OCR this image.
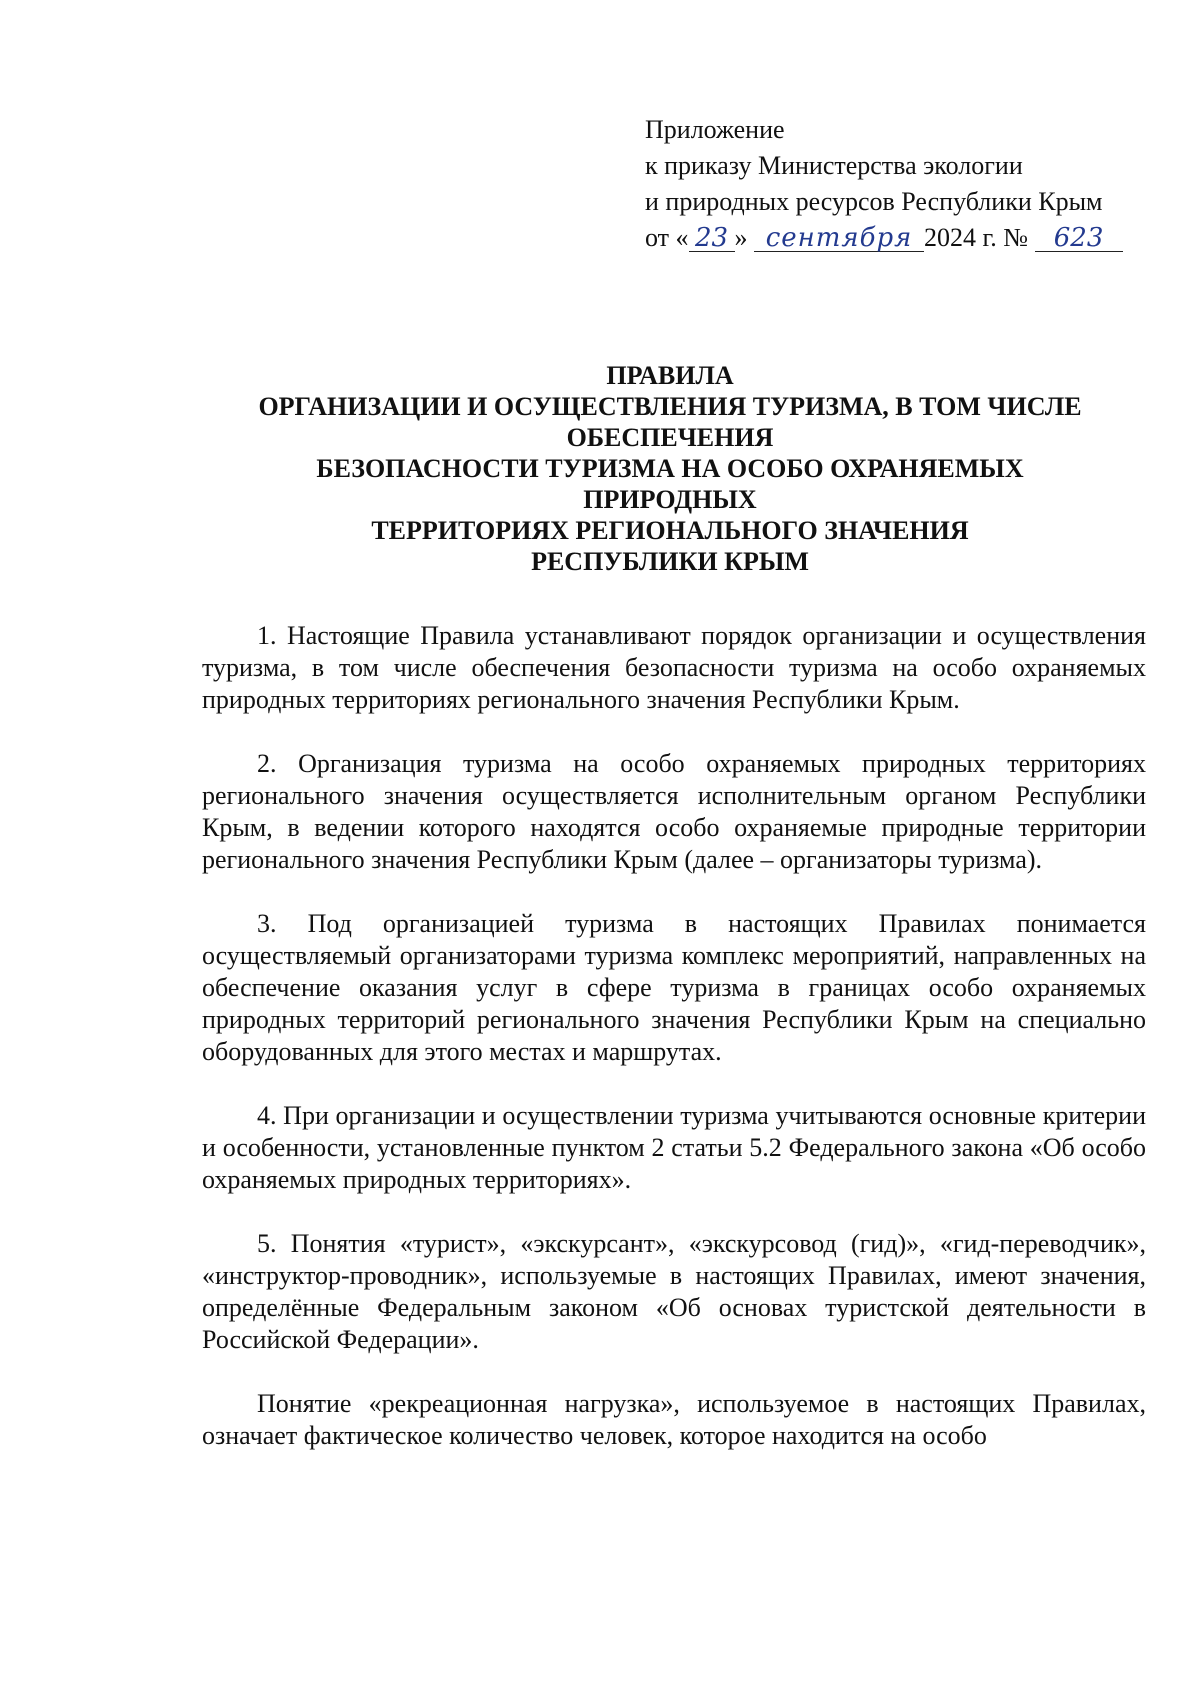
Приложение
к приказу Министерства экологии
и природных ресурсов Республики Крым
от « 23 » сентября 2024 г. № 623
ПРАВИЛА
ОРГАНИЗАЦИИ И ОСУЩЕСТВЛЕНИЯ ТУРИЗМА, В ТОМ ЧИСЛЕ
ОБЕСПЕЧЕНИЯ
БЕЗОПАСНОСТИ ТУРИЗМА НА ОСОБО ОХРАНЯЕМЫХ
ПРИРОДНЫХ
ТЕРРИТОРИЯХ РЕГИОНАЛЬНОГО ЗНАЧЕНИЯ
РЕСПУБЛИКИ КРЫМ

1. Настоящие Правила устанавливают порядок организации и осуществления туризма, в том числе обеспечения безопасности туризма на особо охраняемых природных территориях регионального значения Республики Крым.

2. Организация туризма на особо охраняемых природных территориях регионального значения осуществляется исполнительным органом Республики Крым, в ведении которого находятся особо охраняемые природные территории регионального значения Республики Крым (далее – организаторы туризма).

3. Под организацией туризма в настоящих Правилах понимается осуществляемый организаторами туризма комплекс мероприятий, направленных на обеспечение оказания услуг в сфере туризма в границах особо охраняемых природных территорий регионального значения Республики Крым на специально оборудованных для этого местах и маршрутах.

4. При организации и осуществлении туризма учитываются основные критерии и особенности, установленные пунктом 2 статьи 5.2 Федерального закона «Об особо охраняемых природных территориях».

5. Понятия «турист», «экскурсант», «экскурсовод (гид)», «гид-переводчик», «инструктор-проводник», используемые в настоящих Правилах, имеют значения, определённые Федеральным законом «Об основах туристской деятельности в Российской Федерации».

Понятие «рекреационная нагрузка», используемое в настоящих Правилах, означает фактическое количество человек, которое находится на особо
